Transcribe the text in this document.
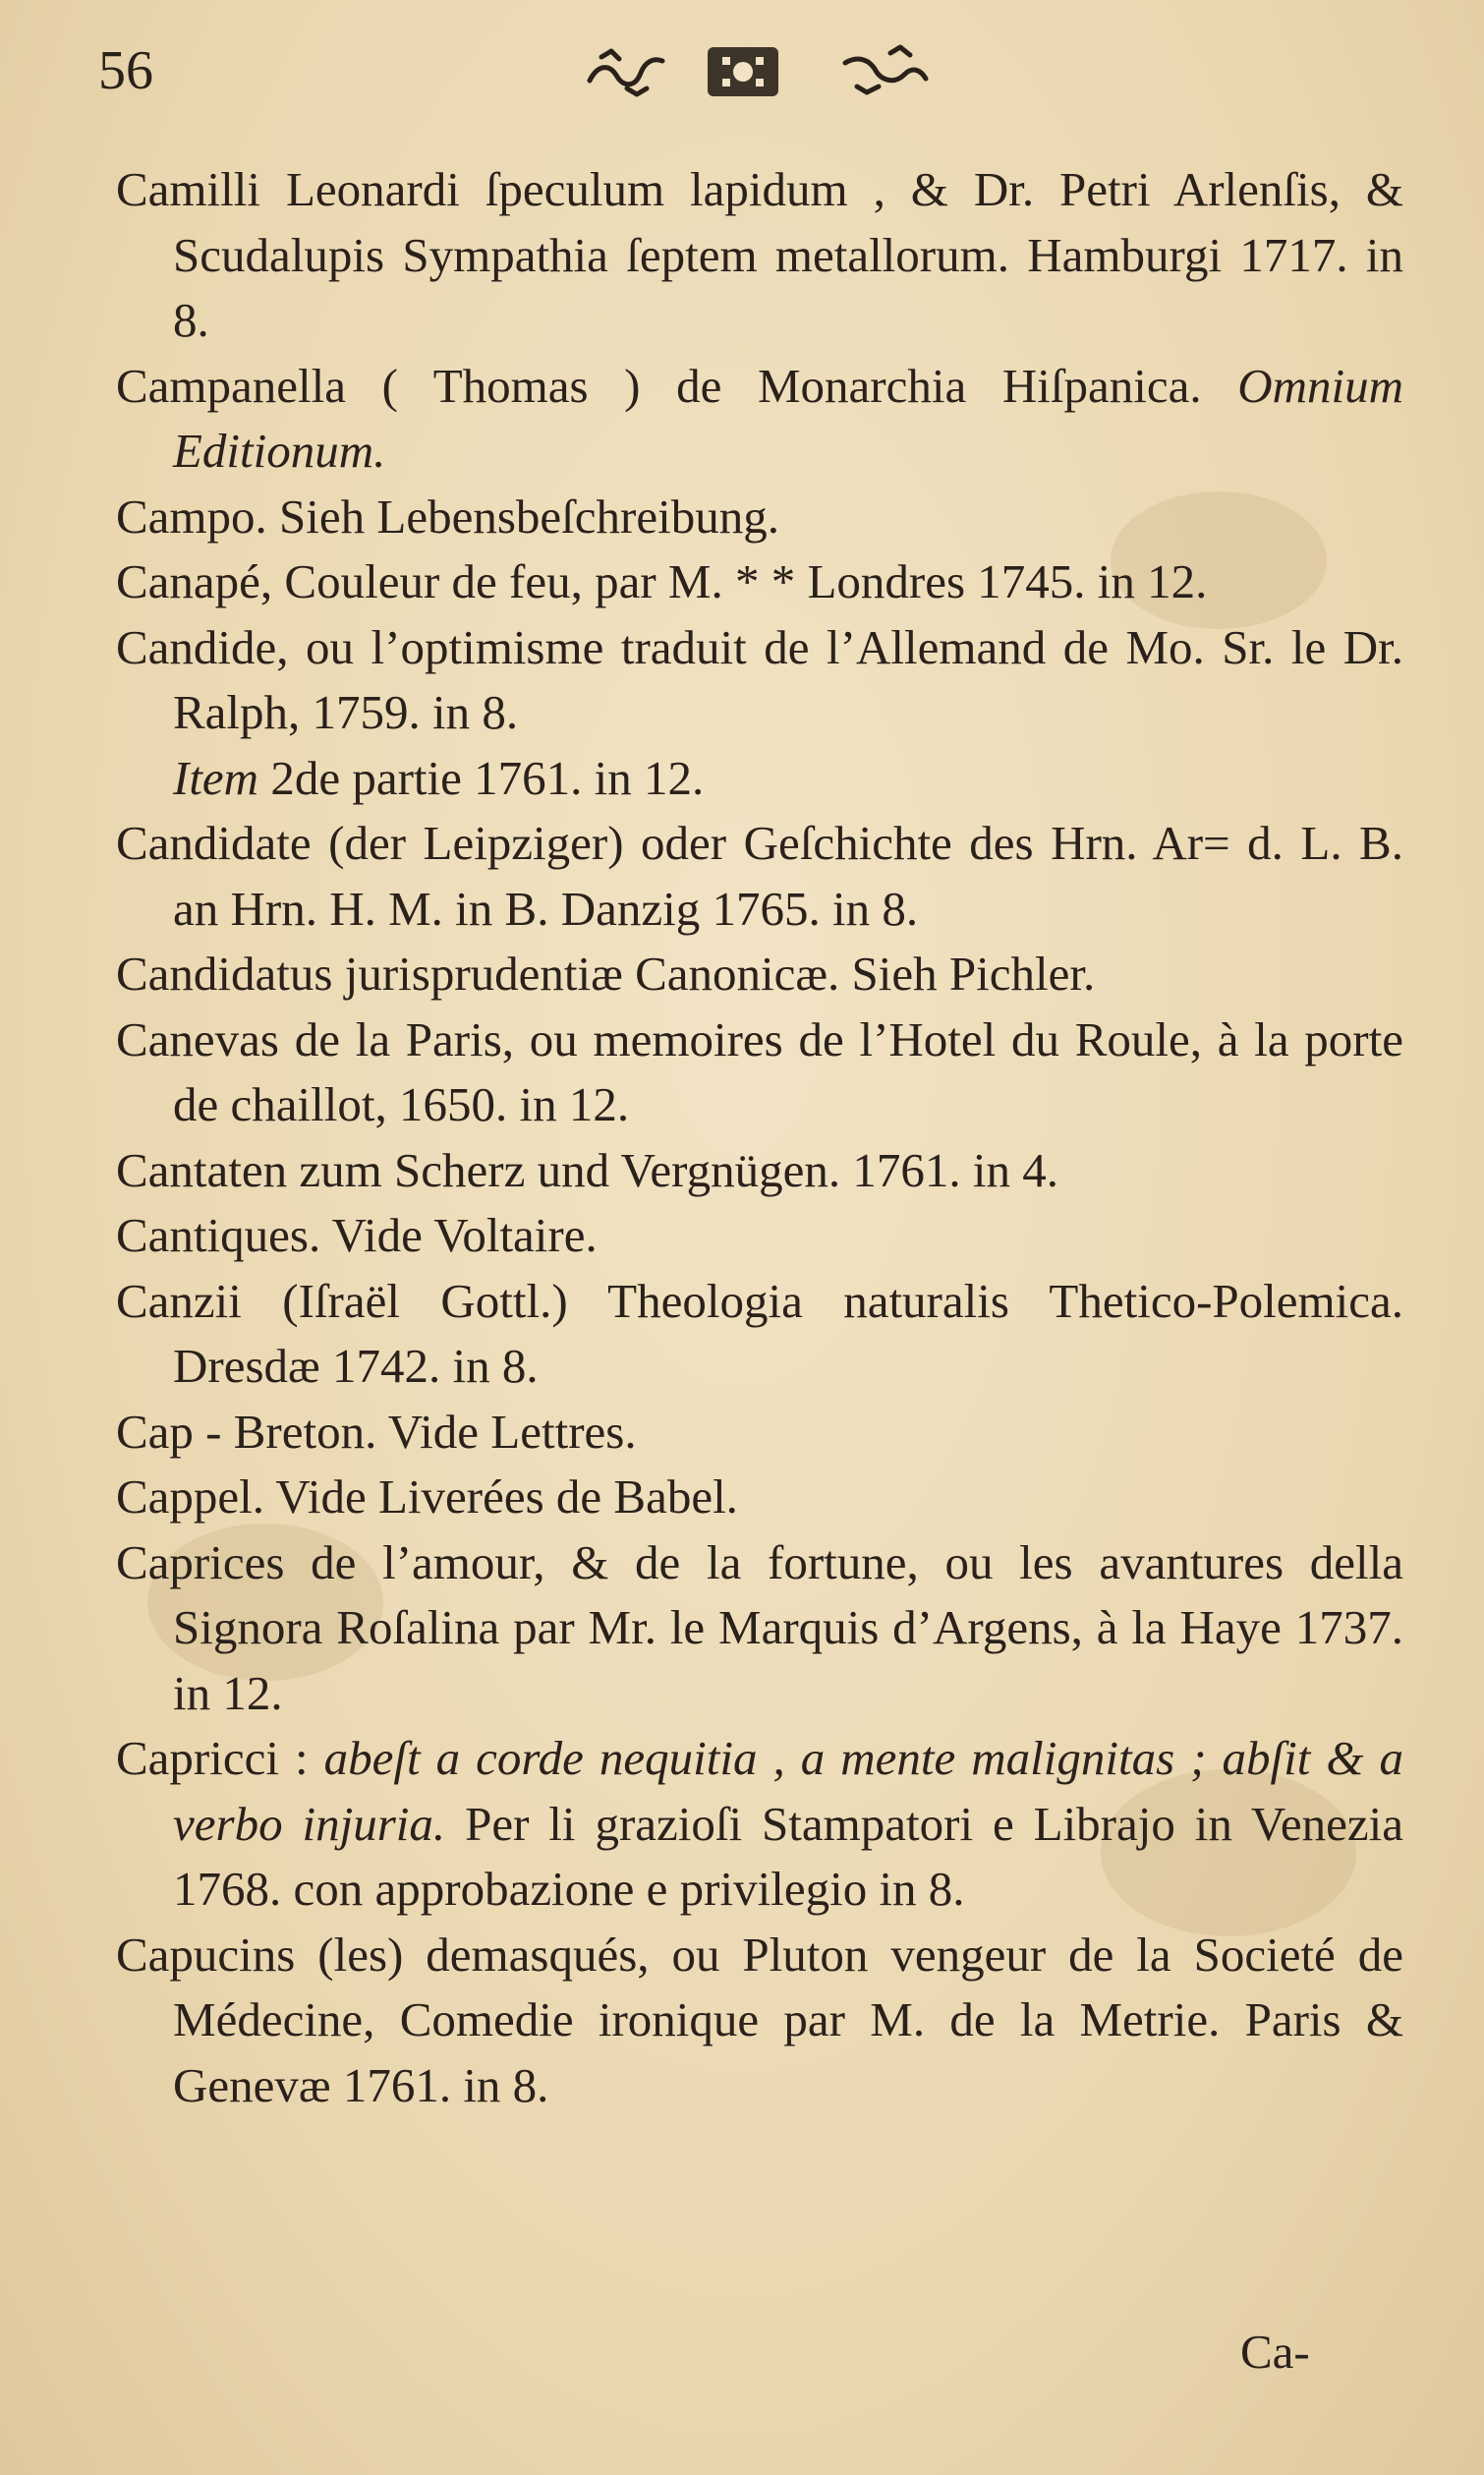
56

Camilli Leonardi ſpeculum lapidum , & Dr. Petri Arlenſis, & Scudalupis Sympathia ſeptem metallorum. Hamburgi 1717. in 8.

Campanella ( Thomas ) de Monarchia Hiſpanica. Omnium Editionum.

Campo. Sieh Lebensbeſchreibung.

Canapé, Couleur de feu, par M. * * Londres 1745. in 12.

Candide, ou l’optimisme traduit de l’Allemand de Mo. Sr. le Dr. Ralph, 1759. in 8.

Item 2de partie 1761. in 12.

Candidate (der Leipziger) oder Geſchichte des Hrn. Ar= d. L. B. an Hrn. H. M. in B. Danzig 1765. in 8.

Candidatus jurisprudentiæ Canonicæ. Sieh Pichler.

Canevas de la Paris, ou memoires de l’Hotel du Roule, à la porte de chaillot, 1650. in 12.

Cantaten zum Scherz und Vergnügen. 1761. in 4.

Cantiques. Vide Voltaire.

Canzii (Iſraël Gottl.) Theologia naturalis Thetico-Polemica. Dresdæ 1742. in 8.

Cap - Breton. Vide Lettres.

Cappel. Vide Liverées de Babel.

Caprices de l’amour, & de la fortune, ou les avantures della Signora Roſalina par Mr. le Marquis d’Argens, à la Haye 1737. in 12.

Capricci : abeſt a corde nequitia , a mente malignitas ; abſit & a verbo injuria. Per li grazioſi Stampatori e Librajo in Venezia 1768. con approbazione e privilegio in 8.

Capucins (les) demasqués, ou Pluton vengeur de la Societé de Médecine, Comedie ironique par M. de la Metrie. Paris & Genevæ 1761. in 8.

Ca-
